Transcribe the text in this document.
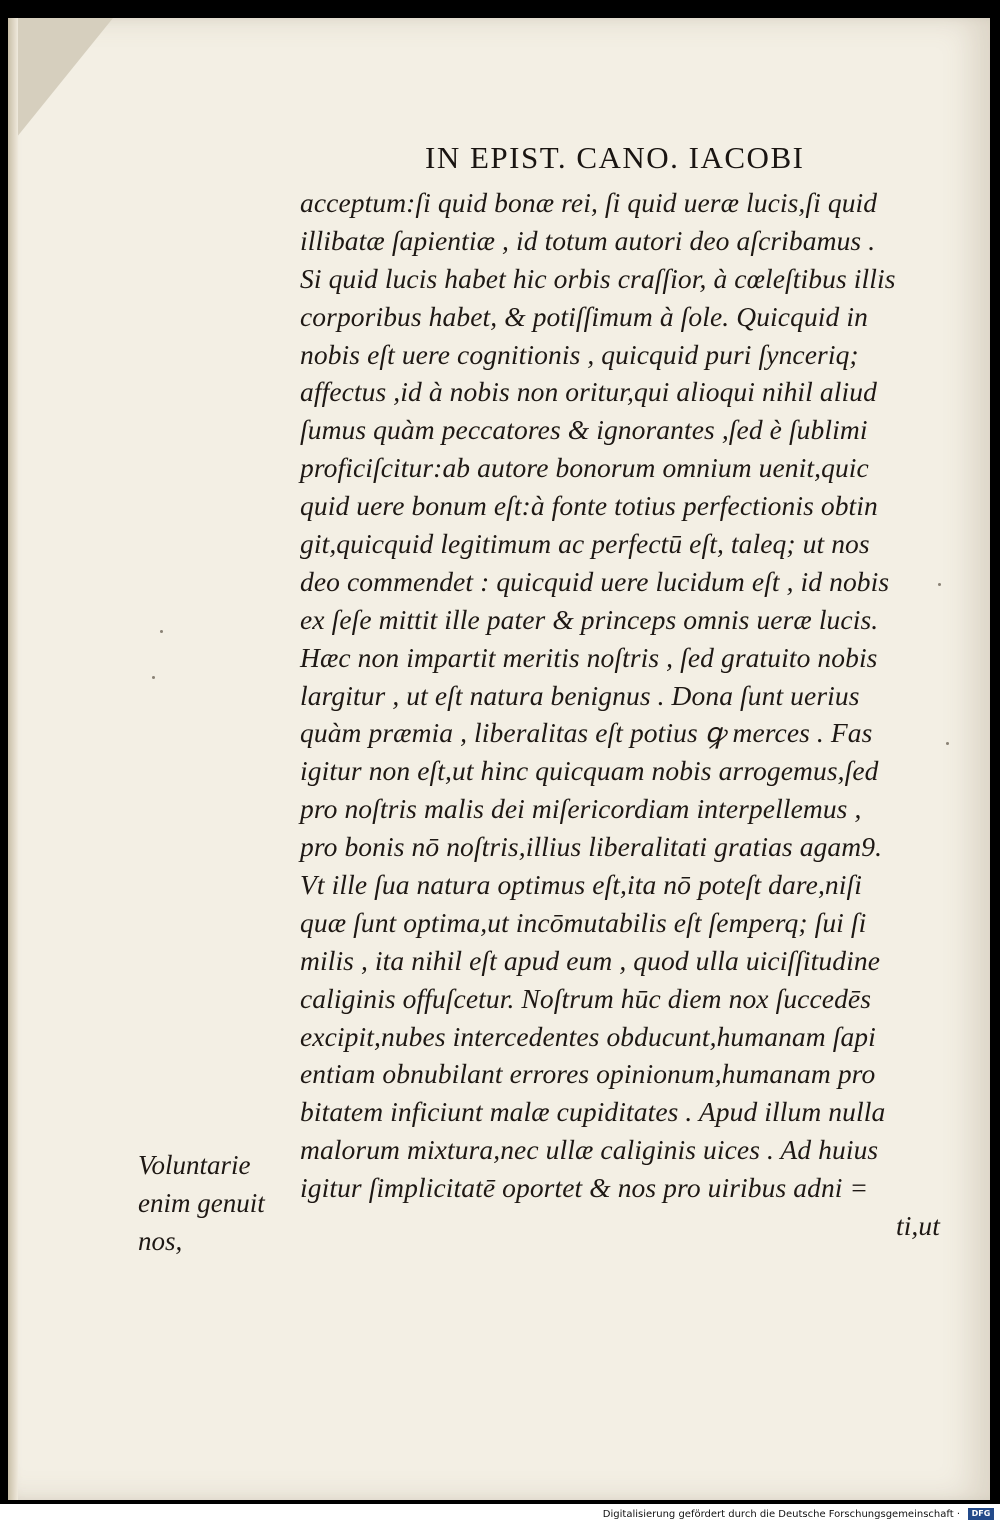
IN EPIST. CANO. IACOBI
acceptum:ſi quid bonæ rei, ſi quid ueræ lucis,ſi quid
illibatæ ſapientiæ , id totum autori deo aſcribamus .
Si quid lucis habet hic orbis craſſior, à cœleſtibus illis
corporibus habet, & potiſſimum à ſole. Quicquid in
nobis eſt uere cognitionis , quicquid puri ſynceriq;
affectus ,id à nobis non oritur,qui alioqui nihil aliud
ſumus quàm peccatores & ignorantes ,ſed è ſublimi
proficiſcitur:ab autore bonorum omnium uenit,quic
quid uere bonum eſt:à fonte totius perfectionis obtin
git,quicquid legitimum ac perfectū eſt, taleq; ut nos
deo commendet : quicquid uere lucidum eſt , id nobis
ex ſeſe mittit ille pater & princeps omnis ueræ lucis.
Hæc non impartit meritis noſtris , ſed gratuito nobis
largitur , ut eſt natura benignus . Dona ſunt uerius
quàm præmia , liberalitas eſt potius ꝙ merces . Fas
igitur non eſt,ut hinc quicquam nobis arrogemus,ſed
pro noſtris malis dei miſericordiam interpellemus ,
pro bonis nō noſtris,illius liberalitati gratias agam9.
Vt ille ſua natura optimus eſt,ita nō poteſt dare,niſi
quæ ſunt optima,ut incōmutabilis eſt ſemperq; ſui ſi
milis , ita nihil eſt apud eum , quod ulla uiciſſitudine
caliginis offuſcetur. Noſtrum hūc diem nox ſuccedēs
excipit,nubes intercedentes obducunt,humanam ſapi
entiam obnubilant errores opinionum,humanam pro
bitatem inficiunt malæ cupiditates . Apud illum nulla
malorum mixtura,nec ullæ caliginis uices . Ad huius
igitur ſimplicitatē oportet & nos pro uiribus adni =
ti,ut
Voluntarie
enim genuit
nos,
Digitalisierung gefördert durch die Deutsche Forschungsgemeinschaft ·	DFG
